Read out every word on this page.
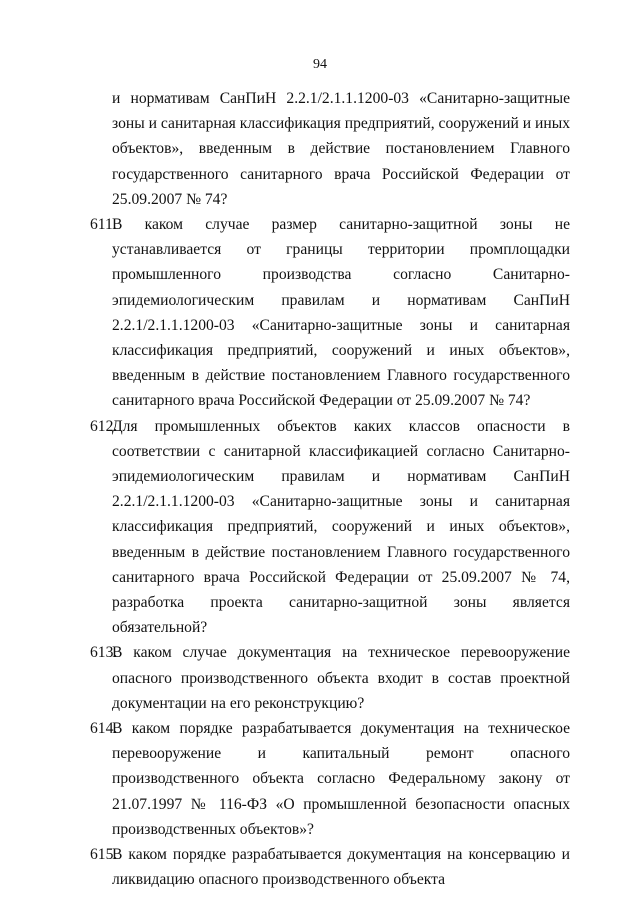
94

и нормативам СанПиН 2.2.1/2.1.1.1200-03 «Санитарно-защитные зоны и санитарная классификация предприятий, сооружений и иных объектов», введенным в действие постановлением Главного государственного санитарного врача Российской Федерации от 25.09.2007 № 74?

611.

В каком случае размер санитарно-защитной зоны не устанавливается от границы территории промплощадки промышленного производства согласно Санитарно-эпидемиологическим правилам и нормативам СанПиН 2.2.1/2.1.1.1200-03 «Санитарно-защитные зоны и санитарная классификация предприятий, сооружений и иных объектов», введенным в действие постановлением Главного государственного санитарного врача Российской Федерации от 25.09.2007 № 74?

612.

Для промышленных объектов каких классов опасности в соответствии с санитарной классификацией согласно Санитарно-эпидемиологическим правилам и нормативам СанПиН 2.2.1/2.1.1.1200-03 «Санитарно-защитные зоны и санитарная классификация предприятий, сооружений и иных объектов», введенным в действие постановлением Главного государственного санитарного врача Российской Федерации от 25.09.2007 № 74, разработка проекта санитарно-защитной зоны является обязательной?

613.

В каком случае документация на техническое перевооружение опасного производственного объекта входит в состав проектной документации на его реконструкцию?

614.

В каком порядке разрабатывается документация на техническое перевооружение и капитальный ремонт опасного производственного объекта согласно Федеральному закону от 21.07.1997 № 116-ФЗ «О промышленной безопасности опасных производственных объектов»?

615.

В каком порядке разрабатывается документация на консервацию и ликвидацию опасного производственного объекта
